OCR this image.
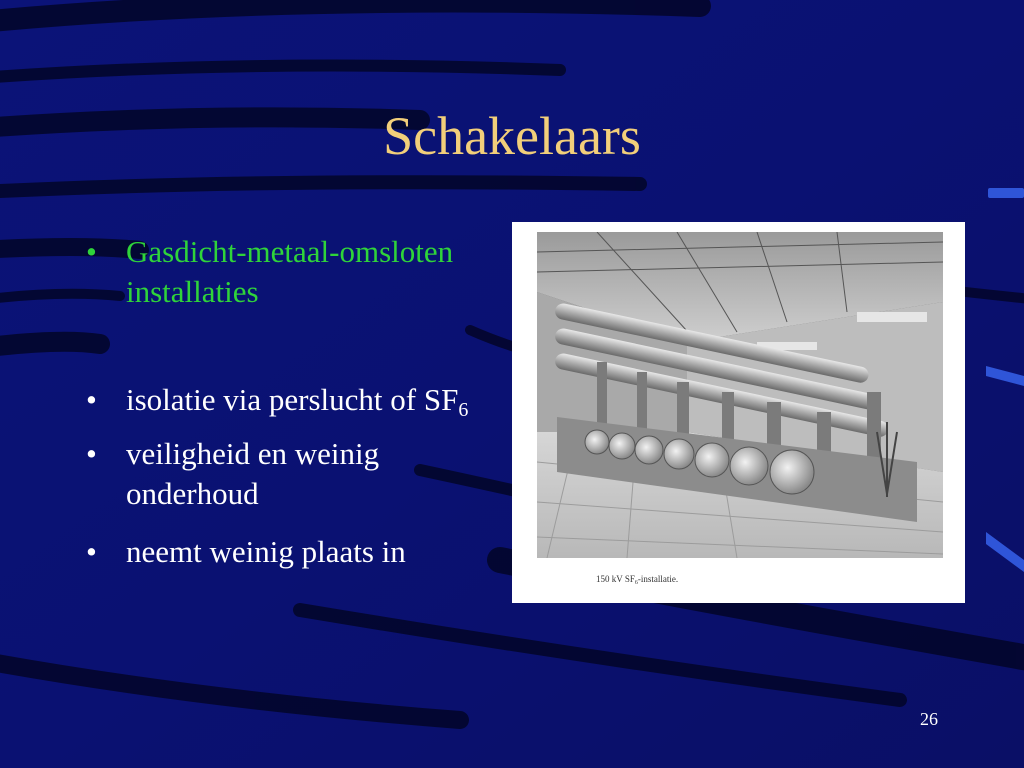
Schakelaars
• Gasdicht-metaal-omsloten installaties
• isolatie via perslucht of $SF_6$
• veiligheid en weinig onderhoud
• neemt weinig plaats in
150 kV $SF_6$-installatie.
26
